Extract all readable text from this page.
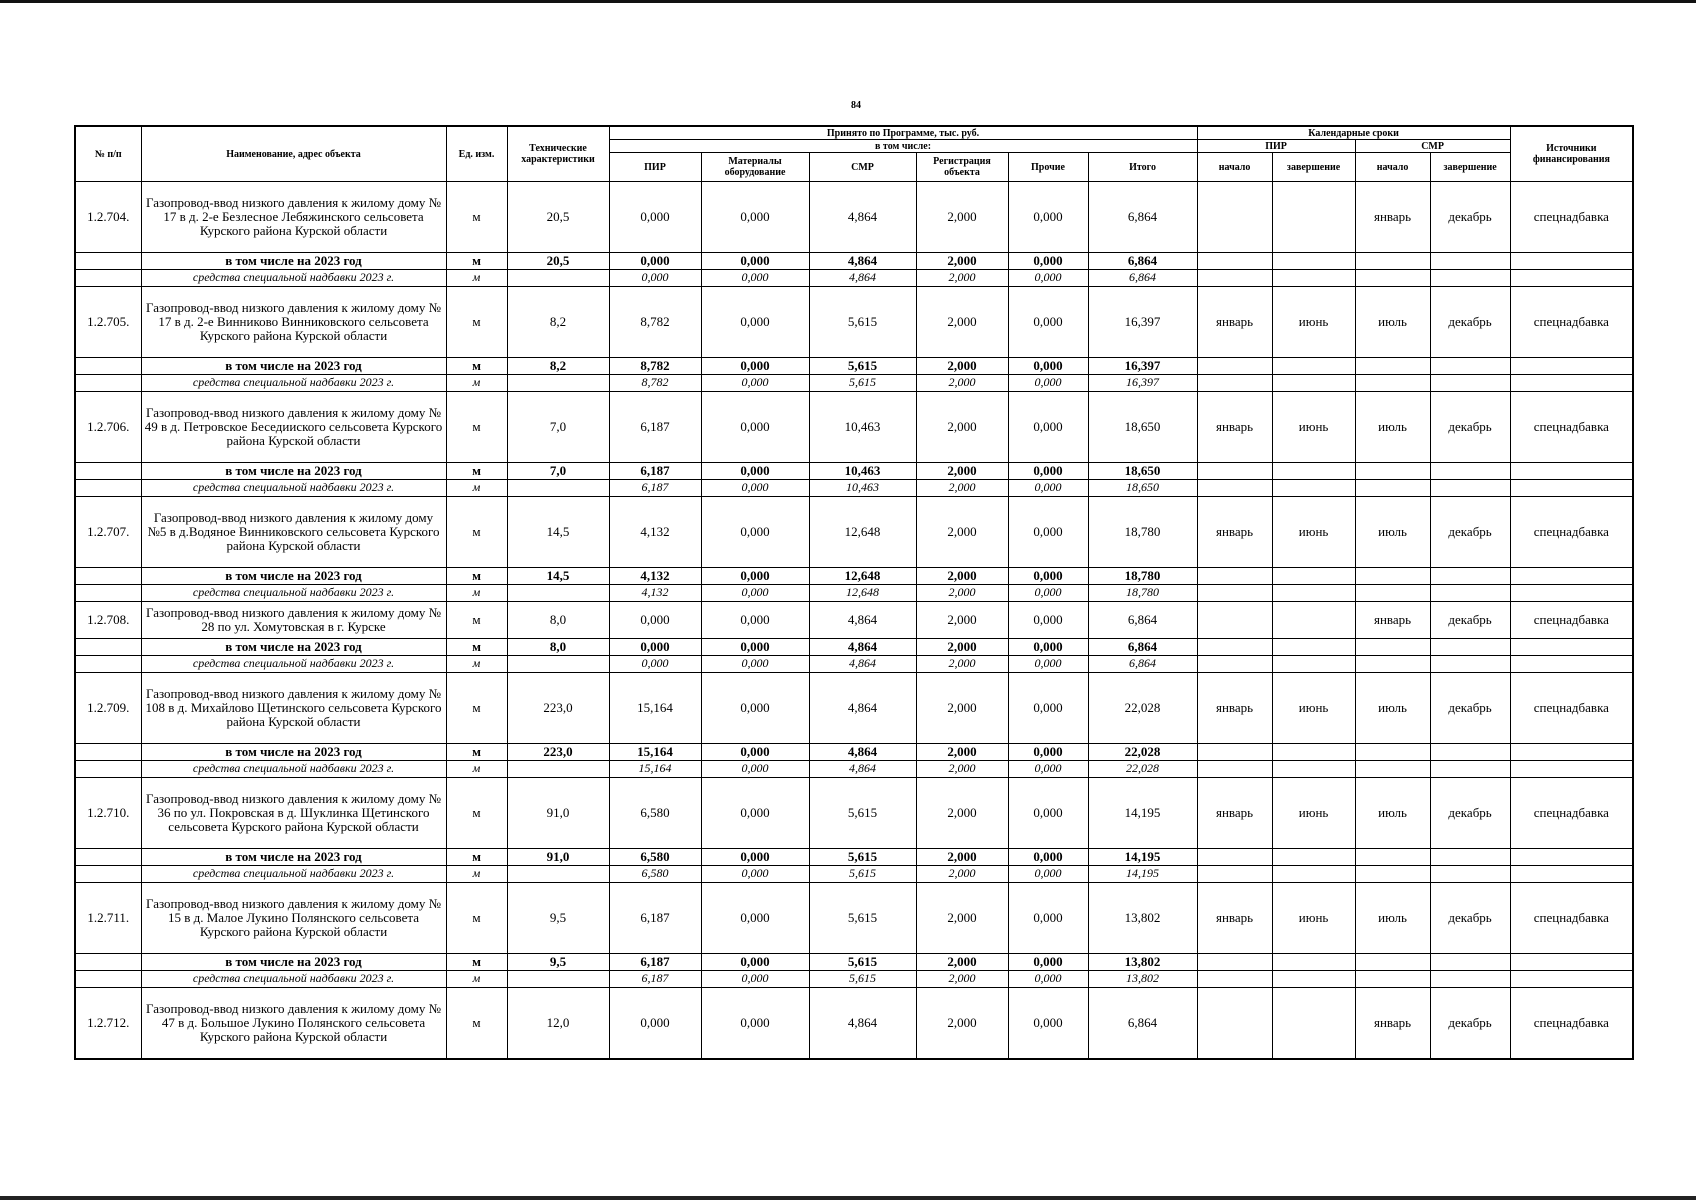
84
№ п/п	Наименование, адрес объекта	Ед. изм.	Технические характеристики	Принято по Программе, тыс. руб.						Календарные сроки				Источники финансирования
				в том числе:						ПИР		СМР		
				ПИР	Материалы оборудование	СМР	Регистрация объекта	Прочие	Итого	начало	завершение	начало	завершение	
1.2.704.	Газопровод-ввод низкого давления к жилому дому № 17 в д. 2-е Безлесное Лебяжинского сельсовета Курского района Курской области	м	20,5	0,000	0,000	4,864	2,000	0,000	6,864			январь	декабрь	спецнадбавка
	в том числе на 2023 год	м	20,5	0,000	0,000	4,864	2,000	0,000	6,864					
	средства специальной надбавки 2023 г.	м		0,000	0,000	4,864	2,000	0,000	6,864					
1.2.705.	Газопровод-ввод низкого давления к жилому дому № 17 в д. 2-е Винниково Винниковского сельсовета Курского района Курской области	м	8,2	8,782	0,000	5,615	2,000	0,000	16,397	январь	июнь	июль	декабрь	спецнадбавка
	в том числе на 2023 год	м	8,2	8,782	0,000	5,615	2,000	0,000	16,397					
	средства специальной надбавки 2023 г.	м		8,782	0,000	5,615	2,000	0,000	16,397					
1.2.706.	Газопровод-ввод низкого давления к жилому дому № 49 в д. Петровское Беседииского сельсовета Курского района Курской области	м	7,0	6,187	0,000	10,463	2,000	0,000	18,650	январь	июнь	июль	декабрь	спецнадбавка
	в том числе на 2023 год	м	7,0	6,187	0,000	10,463	2,000	0,000	18,650					
	средства специальной надбавки 2023 г.	м		6,187	0,000	10,463	2,000	0,000	18,650					
1.2.707.	Газопровод-ввод низкого давления к жилому дому №5 в д.Водяное Винниковского сельсовета Курского района Курской области	м	14,5	4,132	0,000	12,648	2,000	0,000	18,780	январь	июнь	июль	декабрь	спецнадбавка
	в том числе на 2023 год	м	14,5	4,132	0,000	12,648	2,000	0,000	18,780					
	средства специальной надбавки 2023 г.	м		4,132	0,000	12,648	2,000	0,000	18,780					
1.2.708.	Газопровод-ввод низкого давления к жилому дому № 28 по ул. Хомутовская в г. Курске	м	8,0	0,000	0,000	4,864	2,000	0,000	6,864			январь	декабрь	спецнадбавка
	в том числе на 2023 год	м	8,0	0,000	0,000	4,864	2,000	0,000	6,864					
	средства специальной надбавки 2023 г.	м		0,000	0,000	4,864	2,000	0,000	6,864					
1.2.709.	Газопровод-ввод низкого давления к жилому дому № 108 в д. Михайлово Щетинского сельсовета Курского района Курской области	м	223,0	15,164	0,000	4,864	2,000	0,000	22,028	январь	июнь	июль	декабрь	спецнадбавка
	в том числе на 2023 год	м	223,0	15,164	0,000	4,864	2,000	0,000	22,028					
	средства специальной надбавки 2023 г.	м		15,164	0,000	4,864	2,000	0,000	22,028					
1.2.710.	Газопровод-ввод низкого давления к жилому дому № 36 по ул. Покровская в д. Шуклинка Щетинского сельсовета Курского района Курской области	м	91,0	6,580	0,000	5,615	2,000	0,000	14,195	январь	июнь	июль	декабрь	спецнадбавка
	в том числе на 2023 год	м	91,0	6,580	0,000	5,615	2,000	0,000	14,195					
	средства специальной надбавки 2023 г.	м		6,580	0,000	5,615	2,000	0,000	14,195					
1.2.711.	Газопровод-ввод низкого давления к жилому дому № 15 в д. Малое Лукино Полянского сельсовета Курского района Курской области	м	9,5	6,187	0,000	5,615	2,000	0,000	13,802	январь	июнь	июль	декабрь	спецнадбавка
	в том числе на 2023 год	м	9,5	6,187	0,000	5,615	2,000	0,000	13,802					
	средства специальной надбавки 2023 г.	м		6,187	0,000	5,615	2,000	0,000	13,802					
1.2.712.	Газопровод-ввод низкого давления к жилому дому № 47 в д. Большое Лукино Полянского сельсовета Курского района Курской области	м	12,0	0,000	0,000	4,864	2,000	0,000	6,864			январь	декабрь	спецнадбавка
